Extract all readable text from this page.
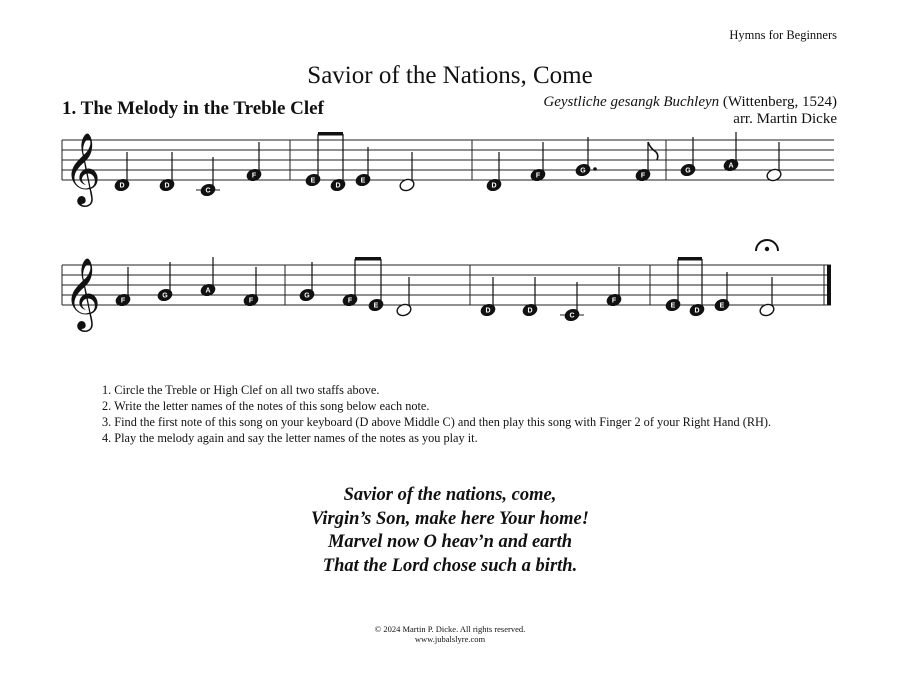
Hymns for Beginners
Savior of the Nations, Come
1. The Melody in the Treble Clef	Geystliche gesangk Buchleyn (Wittenberg, 1524)
arr. Martin Dicke
𝄞	D	D
C
F
E
D
E
D	D
F
G
F
G
A
F
𝄞	F
G
A
F
G
F
E
D	D	D
C
F
E
D
E
D
1. Circle the Treble or High Clef on all two staffs above.
2. Write the letter names of the notes of this song below each note.
3. Find the first note of this song on your keyboard (D above Middle C) and then play this song with Finger 2 of your Right Hand (RH).
4. Play the melody again and say the letter names of the notes as you play it.
Savior of the nations, come,
Virgin’s Son, make here Your home!
Marvel now O heav’n and earth
That the Lord chose such a birth.
© 2024 Martin P. Dicke. All rights reserved.
www.jubalslyre.com
